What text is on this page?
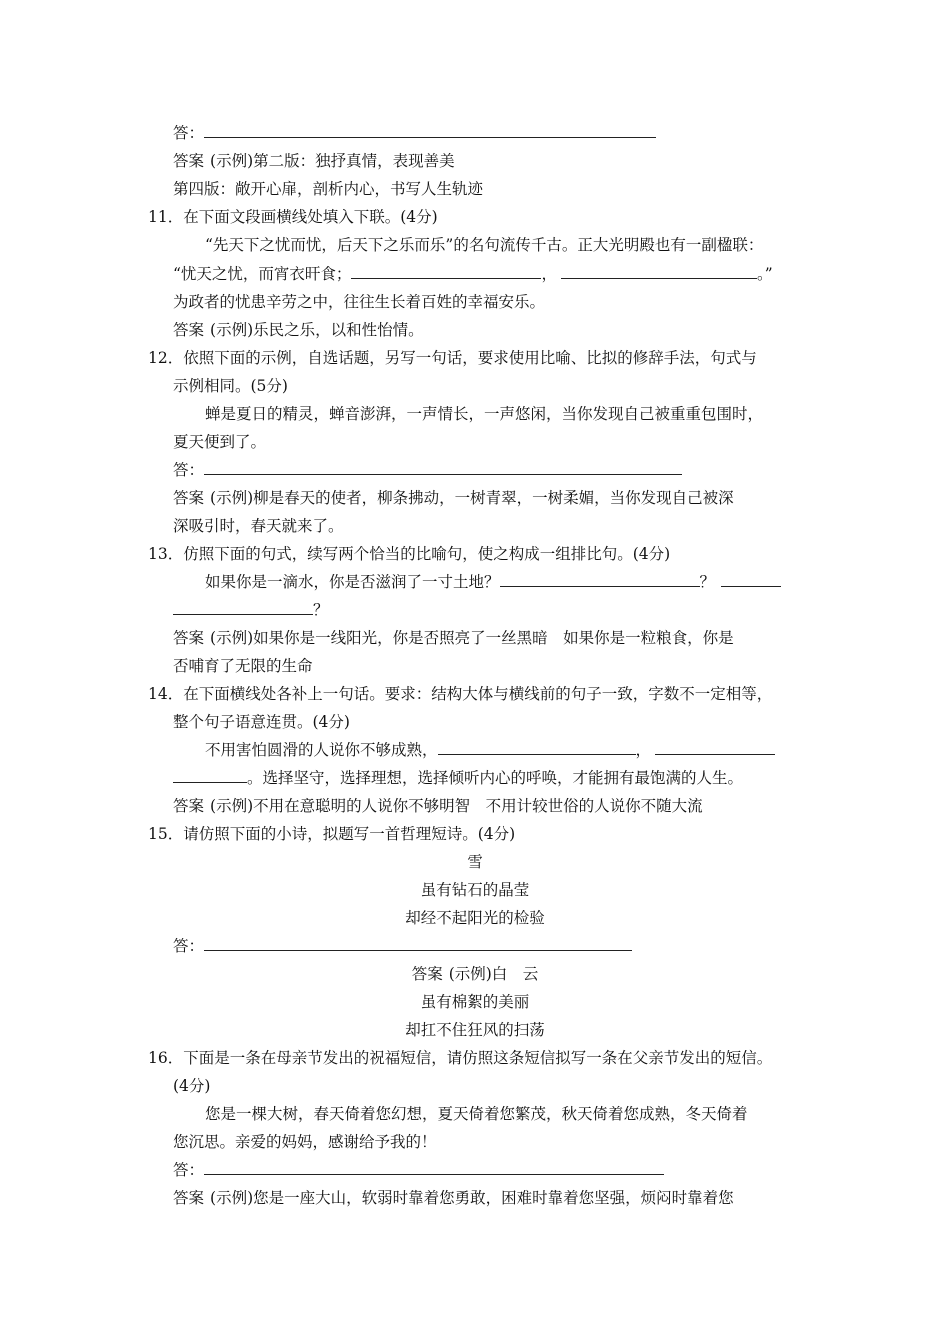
答：
答案 (示例)第二版：独抒真情，表现善美
第四版：敞开心扉，剖析内心，书写人生轨迹
11．在下面文段画横线处填入下联。(4分)
“先天下之忧而忧，后天下之乐而乐”的名句流传千古。正大光明殿也有一副楹联：
“忧天之忧，而宵衣旰食；	，	。”
为政者的忧患辛劳之中，往往生长着百姓的幸福安乐。
答案 (示例)乐民之乐，以和性怡情。
12．依照下面的示例，自选话题，另写一句话，要求使用比喻、比拟的修辞手法，句式与
示例相同。(5分)
蝉是夏日的精灵，蝉音澎湃，一声情长，一声悠闲，当你发现自己被重重包围时，
夏天便到了。
答：
答案 (示例)柳是春天的使者，柳条拂动，一树青翠，一树柔媚，当你发现自己被深
深吸引时，春天就来了。
13．仿照下面的句式，续写两个恰当的比喻句，使之构成一组排比句。(4分)
如果你是一滴水，你是否滋润了一寸土地？	？
？
答案 (示例)如果你是一线阳光，你是否照亮了一丝黑暗　如果你是一粒粮食，你是
否哺育了无限的生命
14．在下面横线处各补上一句话。要求：结构大体与横线前的句子一致，字数不一定相等，
整个句子语意连贯。(4分)
不用害怕圆滑的人说你不够成熟，	，
。选择坚守，选择理想，选择倾听内心的呼唤，才能拥有最饱满的人生。
答案 (示例)不用在意聪明的人说你不够明智　不用计较世俗的人说你不随大流
15．请仿照下面的小诗，拟题写一首哲理短诗。(4分)
雪
虽有钻石的晶莹
却经不起阳光的检验
答：
答案 (示例)白　云
虽有棉絮的美丽
却扛不住狂风的扫荡
16．下面是一条在母亲节发出的祝福短信，请仿照这条短信拟写一条在父亲节发出的短信。
(4分)
您是一棵大树，春天倚着您幻想，夏天倚着您繁茂，秋天倚着您成熟，冬天倚着
您沉思。亲爱的妈妈，感谢给予我的！
答：
答案 (示例)您是一座大山，软弱时靠着您勇敢，困难时靠着您坚强，烦闷时靠着您
